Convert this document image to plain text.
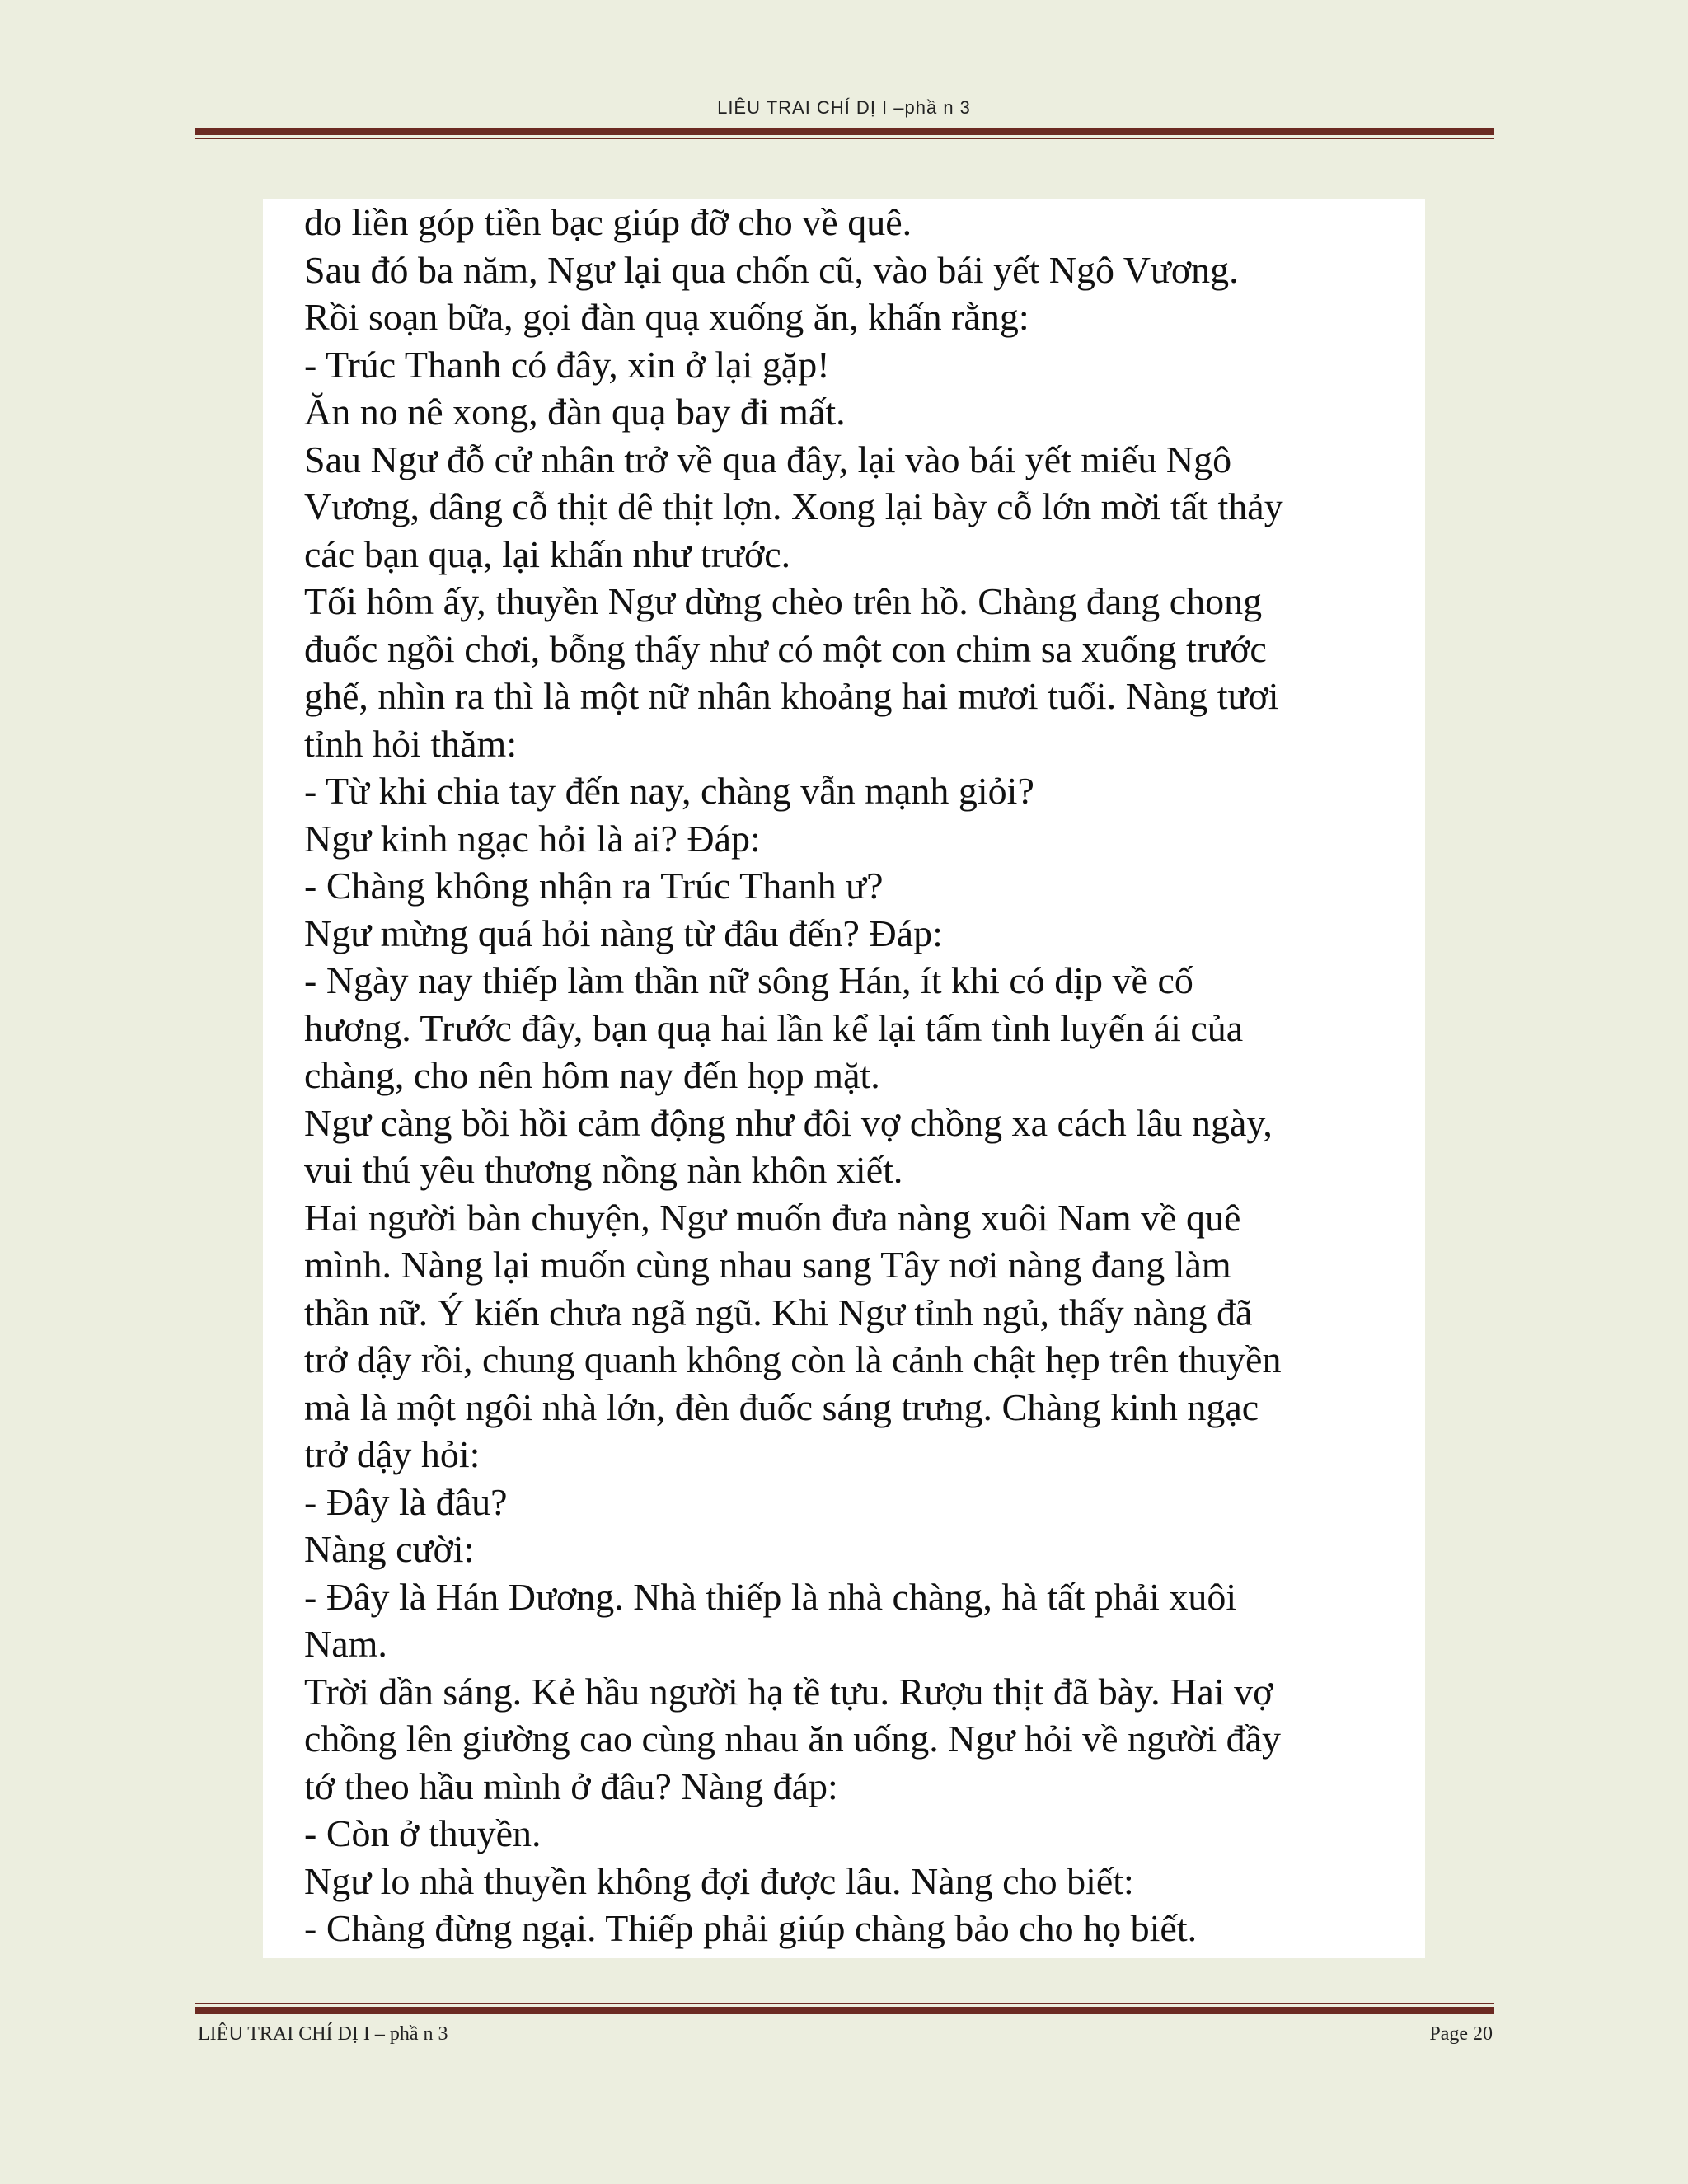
LIÊU TRAI CHÍ DỊ I –phầ n 3
do liền góp tiền bạc giúp đỡ cho về quê.
Sau đó ba năm, Ngư lại qua chốn cũ, vào bái yết Ngô Vương.
Rồi soạn bữa, gọi đàn quạ xuống ăn, khấn rằng:
- Trúc Thanh có đây, xin ở lại gặp!
Ăn no nê xong, đàn quạ bay đi mất.
Sau Ngư đỗ cử nhân trở về qua đây, lại vào bái yết miếu Ngô
Vương, dâng cỗ thịt dê thịt lợn. Xong lại bày cỗ lớn mời tất thảy
các bạn quạ, lại khấn như trước.
Tối hôm ấy, thuyền Ngư dừng chèo trên hồ. Chàng đang chong
đuốc ngồi chơi, bỗng thấy như có một con chim sa xuống trước
ghế, nhìn ra thì là một nữ nhân khoảng hai mươi tuổi. Nàng tươi
tỉnh hỏi thăm:
- Từ khi chia tay đến nay, chàng vẫn mạnh giỏi?
Ngư kinh ngạc hỏi là ai? Đáp:
- Chàng không nhận ra Trúc Thanh ư?
Ngư mừng quá hỏi nàng từ đâu đến? Đáp:
- Ngày nay thiếp làm thần nữ sông Hán, ít khi có dịp về cố
hương. Trước đây, bạn quạ hai lần kể lại tấm tình luyến ái của
chàng, cho nên hôm nay đến họp mặt.
Ngư càng bồi hồi cảm động như đôi vợ chồng xa cách lâu ngày,
vui thú yêu thương nồng nàn khôn xiết.
Hai người bàn chuyện, Ngư muốn đưa nàng xuôi Nam về quê
mình. Nàng lại muốn cùng nhau sang Tây nơi nàng đang làm
thần nữ. Ý kiến chưa ngã ngũ. Khi Ngư tỉnh ngủ, thấy nàng đã
trở dậy rồi, chung quanh không còn là cảnh chật hẹp trên thuyền
mà là một ngôi nhà lớn, đèn đuốc sáng trưng. Chàng kinh ngạc
trở dậy hỏi:
- Đây là đâu?
Nàng cười:
- Đây là Hán Dương. Nhà thiếp là nhà chàng, hà tất phải xuôi
Nam.
Trời dần sáng. Kẻ hầu người hạ tề tựu. Rượu thịt đã bày. Hai vợ
chồng lên giường cao cùng nhau ăn uống. Ngư hỏi về người đầy
tớ theo hầu mình ở đâu? Nàng đáp:
- Còn ở thuyền.
Ngư lo nhà thuyền không đợi được lâu. Nàng cho biết:
- Chàng đừng ngại. Thiếp phải giúp chàng bảo cho họ biết.
LIÊU TRAI CHÍ DỊ I – phầ n 3	Page 20
